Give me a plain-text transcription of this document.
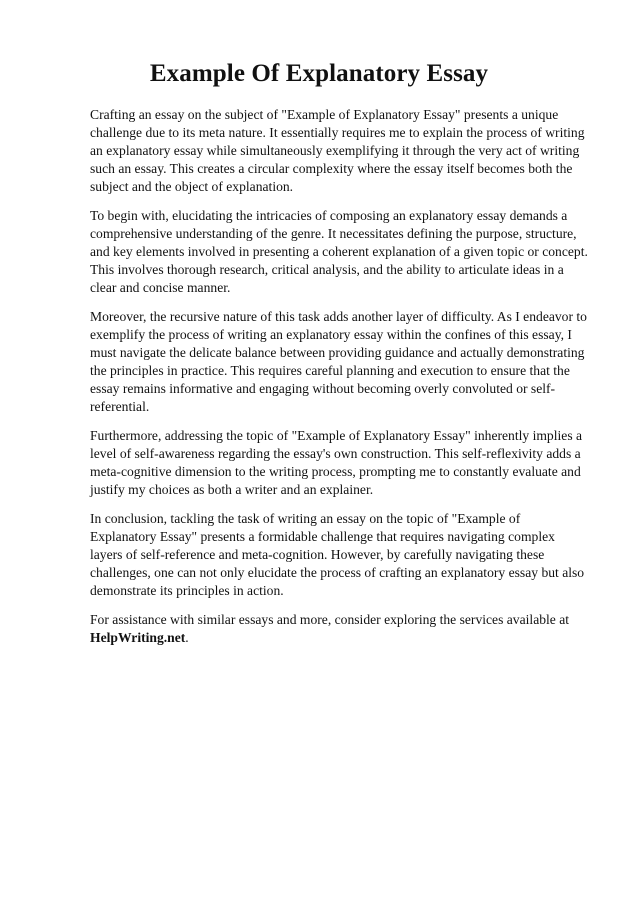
Example Of Explanatory Essay

Crafting an essay on the subject of "Example of Explanatory Essay" presents a unique challenge due to its meta nature. It essentially requires me to explain the process of writing an explanatory essay while simultaneously exemplifying it through the very act of writing such an essay. This creates a circular complexity where the essay itself becomes both the subject and the object of explanation.

To begin with, elucidating the intricacies of composing an explanatory essay demands a comprehensive understanding of the genre. It necessitates defining the purpose, structure, and key elements involved in presenting a coherent explanation of a given topic or concept. This involves thorough research, critical analysis, and the ability to articulate ideas in a clear and concise manner.

Moreover, the recursive nature of this task adds another layer of difficulty. As I endeavor to exemplify the process of writing an explanatory essay within the confines of this essay, I must navigate the delicate balance between providing guidance and actually demonstrating the principles in practice. This requires careful planning and execution to ensure that the essay remains informative and engaging without becoming overly convoluted or self-referential.

Furthermore, addressing the topic of "Example of Explanatory Essay" inherently implies a level of self-awareness regarding the essay's own construction. This self-reflexivity adds a meta-cognitive dimension to the writing process, prompting me to constantly evaluate and justify my choices as both a writer and an explainer.

In conclusion, tackling the task of writing an essay on the topic of "Example of Explanatory Essay" presents a formidable challenge that requires navigating complex layers of self-reference and meta-cognition. However, by carefully navigating these challenges, one can not only elucidate the process of crafting an explanatory essay but also demonstrate its principles in action.

For assistance with similar essays and more, consider exploring the services available at
HelpWriting.net.
